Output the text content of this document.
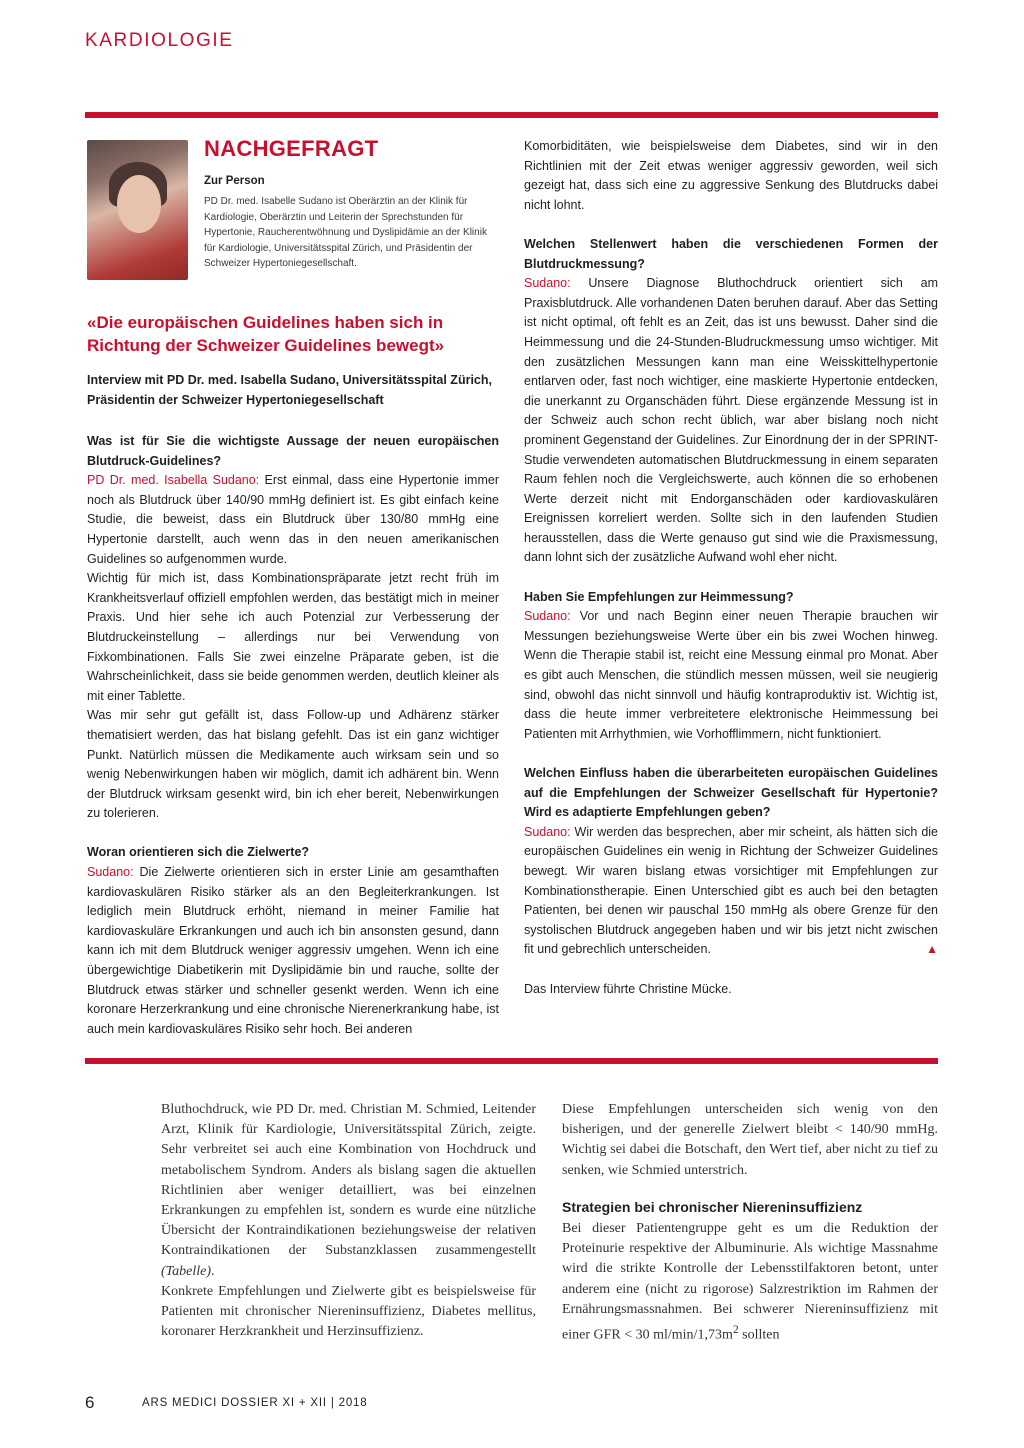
KARDIOLOGIE
NACHGEFRAGT
Zur Person
PD Dr. med. Isabelle Sudano ist Oberärztin an der Klinik für Kardiologie, Oberärztin und Leiterin der Sprechstunden für Hypertonie, Raucherentwöhnung und Dyslipidämie an der Klinik für Kardiologie, Universitätsspital Zürich, und Präsidentin der Schweizer Hypertoniegesellschaft.
«Die europäischen Guidelines haben sich in Richtung der Schweizer Guidelines bewegt»
Interview mit PD Dr. med. Isabella Sudano, Universitätsspital Zürich, Präsidentin der Schweizer Hypertoniegesellschaft

Was ist für Sie die wichtigste Aussage der neuen europäischen Blutdruck-Guidelines?

PD Dr. med. Isabella Sudano: Erst einmal, dass eine Hypertonie immer noch als Blutdruck über 140/90 mmHg definiert ist. Es gibt einfach keine Studie, die beweist, dass ein Blutdruck über 130/80 mmHg eine Hypertonie darstellt, auch wenn das in den neuen amerikanischen Guidelines so aufgenommen wurde.

Wichtig für mich ist, dass Kombinationspräparate jetzt recht früh im Krankheitsverlauf offiziell empfohlen werden, das bestätigt mich in meiner Praxis. Und hier sehe ich auch Potenzial zur Verbesserung der Blutdruckeinstellung – allerdings nur bei Verwendung von Fixkombinationen. Falls Sie zwei einzelne Präparate geben, ist die Wahrscheinlichkeit, dass sie beide genommen werden, deutlich kleiner als mit einer Tablette.

Was mir sehr gut gefällt ist, dass Follow-up und Adhärenz stärker thematisiert werden, das hat bislang gefehlt. Das ist ein ganz wichtiger Punkt. Natürlich müssen die Medikamente auch wirksam sein und so wenig Nebenwirkungen haben wir möglich, damit ich adhärent bin. Wenn der Blutdruck wirksam gesenkt wird, bin ich eher bereit, Nebenwirkungen zu tolerieren.

Woran orientieren sich die Zielwerte?

Sudano: Die Zielwerte orientieren sich in erster Linie am gesamthaften kardiovaskulären Risiko stärker als an den Begleiterkrankungen. Ist lediglich mein Blutdruck erhöht, niemand in meiner Familie hat kardiovaskuläre Erkrankungen und auch ich bin ansonsten gesund, dann kann ich mit dem Blutdruck weniger aggressiv umgehen. Wenn ich eine übergewichtige Diabetikerin mit Dyslipidämie bin und rauche, sollte der Blutdruck etwas stärker und schneller gesenkt werden. Wenn ich eine koronare Herzerkrankung und eine chronische Nierenerkrankung habe, ist auch mein kardiovaskuläres Risiko sehr hoch. Bei anderen

Komorbiditäten, wie beispielsweise dem Diabetes, sind wir in den Richtlinien mit der Zeit etwas weniger aggressiv geworden, weil sich gezeigt hat, dass sich eine zu aggressive Senkung des Blutdrucks dabei nicht lohnt.

Welchen Stellenwert haben die verschiedenen Formen der Blutdruckmessung?

Sudano: Unsere Diagnose Bluthochdruck orientiert sich am Praxisblutdruck. Alle vorhandenen Daten beruhen darauf. Aber das Setting ist nicht optimal, oft fehlt es an Zeit, das ist uns bewusst. Daher sind die Heimmessung und die 24-Stunden-Bludruckmessung umso wichtiger. Mit den zusätzlichen Messungen kann man eine Weisskittelhypertonie entlarven oder, fast noch wichtiger, eine maskierte Hypertonie entdecken, die unerkannt zu Organschäden führt. Diese ergänzende Messung ist in der Schweiz auch schon recht üblich, war aber bislang noch nicht prominent Gegenstand der Guidelines. Zur Einordnung der in der SPRINT-Studie verwendeten automatischen Blutdruckmessung in einem separaten Raum fehlen noch die Vergleichswerte, auch können die so erhobenen Werte derzeit nicht mit Endorganschäden oder kardiovaskulären Ereignissen korreliert werden. Sollte sich in den laufenden Studien herausstellen, dass die Werte genauso gut sind wie die Praxismessung, dann lohnt sich der zusätzliche Aufwand wohl eher nicht.

Haben Sie Empfehlungen zur Heimmessung?

Sudano: Vor und nach Beginn einer neuen Therapie brauchen wir Messungen beziehungsweise Werte über ein bis zwei Wochen hinweg. Wenn die Therapie stabil ist, reicht eine Messung einmal pro Monat. Aber es gibt auch Menschen, die stündlich messen müssen, weil sie neugierig sind, obwohl das nicht sinnvoll und häufig kontraproduktiv ist. Wichtig ist, dass die heute immer verbreitetere elektronische Heimmessung bei Patienten mit Arrhythmien, wie Vorhofflimmern, nicht funktioniert.

Welchen Einfluss haben die überarbeiteten europäischen Guidelines auf die Empfehlungen der Schweizer Gesellschaft für Hypertonie? Wird es adaptierte Empfehlungen geben?

Sudano: Wir werden das besprechen, aber mir scheint, als hätten sich die europäischen Guidelines ein wenig in Richtung der Schweizer Guidelines bewegt. Wir waren bislang etwas vorsichtiger mit Empfehlungen zur Kombinationstherapie. Einen Unterschied gibt es auch bei den betagten Patienten, bei denen wir pauschal 150 mmHg als obere Grenze für den systolischen Blutdruck angegeben haben und wir bis jetzt nicht zwischen fit und gebrechlich unterscheiden.	▲

Das Interview führte Christine Mücke.

Bluthochdruck, wie PD Dr. med. Christian M. Schmied, Leitender Arzt, Klinik für Kardiologie, Universitätsspital Zürich, zeigte. Sehr verbreitet sei auch eine Kombination von Hochdruck und metabolischem Syndrom. Anders als bislang sagen die aktuellen Richtlinien aber weniger detailliert, was bei einzelnen Erkrankungen zu empfehlen ist, sondern es wurde eine nützliche Übersicht der Kontraindikationen beziehungsweise der relativen Kontraindikationen der Substanzklassen zusammengestellt (Tabelle).

Konkrete Empfehlungen und Zielwerte gibt es beispielsweise für Patienten mit chronischer Niereninsuffizienz, Diabetes mellitus, koronarer Herzkrankheit und Herzinsuffizienz.

Diese Empfehlungen unterscheiden sich wenig von den bisherigen, und der generelle Zielwert bleibt < 140/90 mmHg. Wichtig sei dabei die Botschaft, den Wert tief, aber nicht zu tief zu senken, wie Schmied unterstrich.

Strategien bei chronischer Niereninsuffizienz

Bei dieser Patientengruppe geht es um die Reduktion der Proteinurie respektive der Albuminurie. Als wichtige Massnahme wird die strikte Kontrolle der Lebensstilfaktoren betont, unter anderem eine (nicht zu rigorose) Salzrestriktion im Rahmen der Ernährungsmassnahmen. Bei schwerer Niereninsuffizienz mit einer GFR < 30 $ml/\min/1,73m^2$ sollten

6	ARS MEDICI DOSSIER XI + XII | 2018
